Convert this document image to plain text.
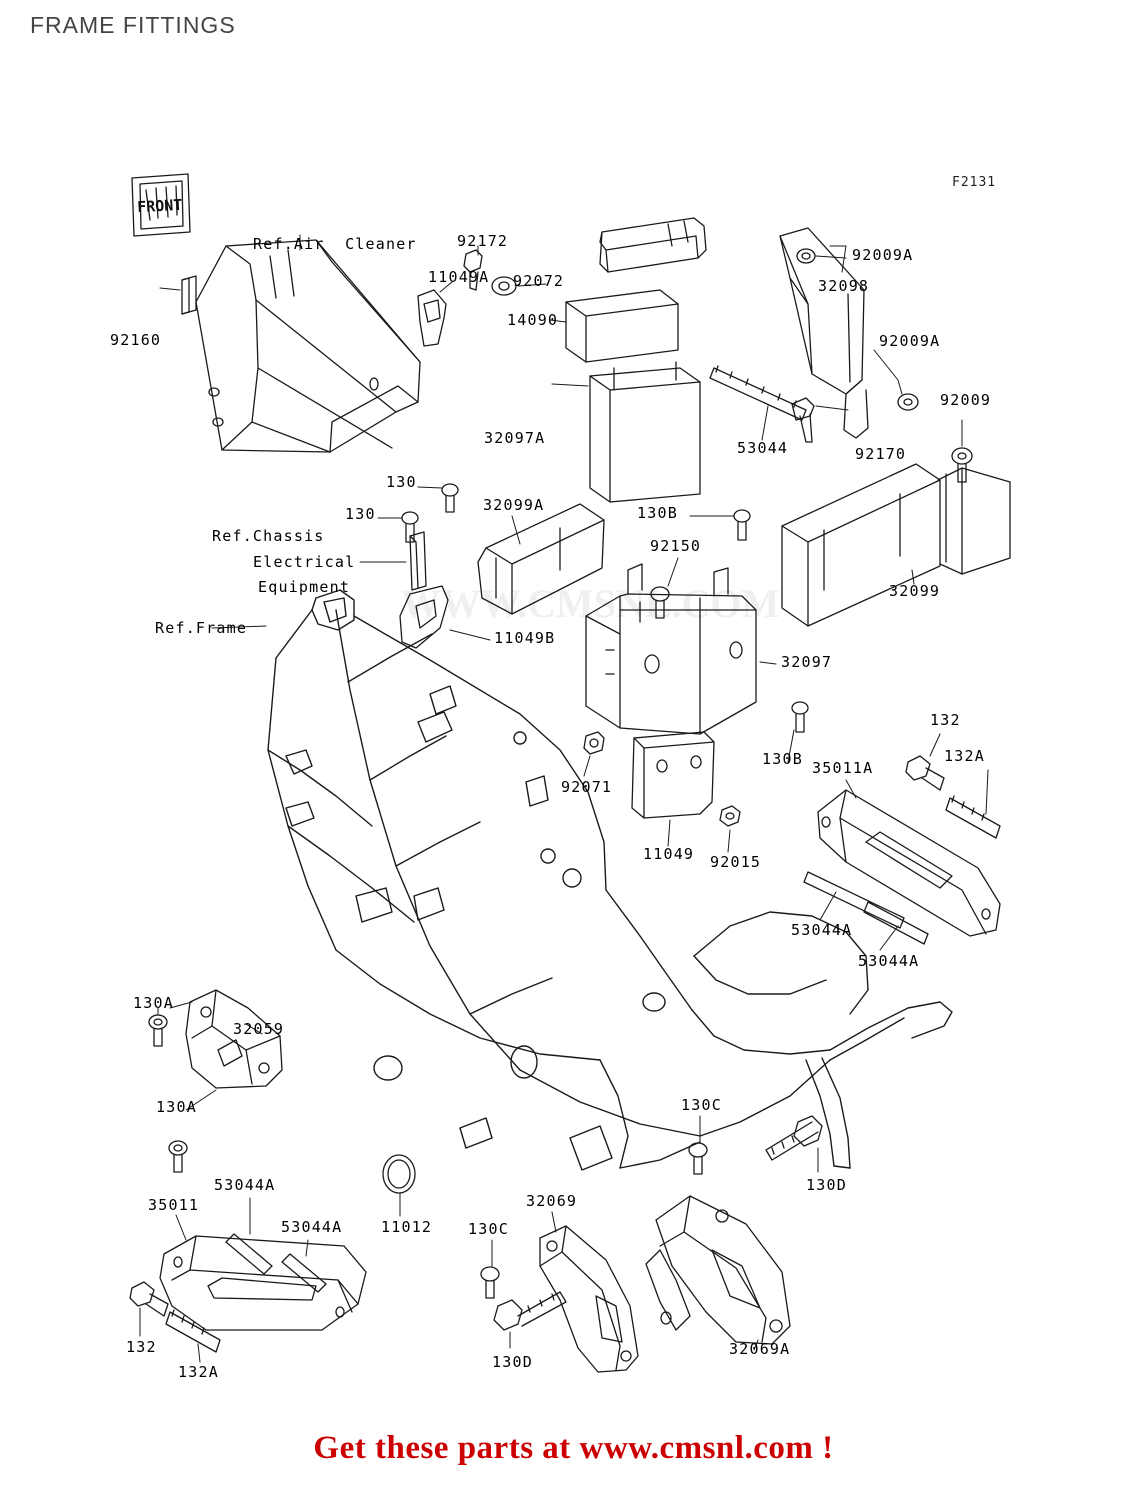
FRAME FITTINGS
F2131
WWW.CMSNL.COM
FRONT
Ref.Air  Cleaner	92172
11049A 92072
14090
92160
92009A
32098
92009A
92009
32097A
53044	92170
130
130	32099A	130B
Ref.Chassis
Electrical
Equipment
92150
32099
Ref.Frame
11049B
32097
132
132A
130B 35011A
92071
11049 92015
53044A
53044A
130A
32059
130A	130C
130D
53044A
35011
53044A	11012 130C
32069
132
132A
130D
32069A
Get these parts at www.cmsnl.com !
